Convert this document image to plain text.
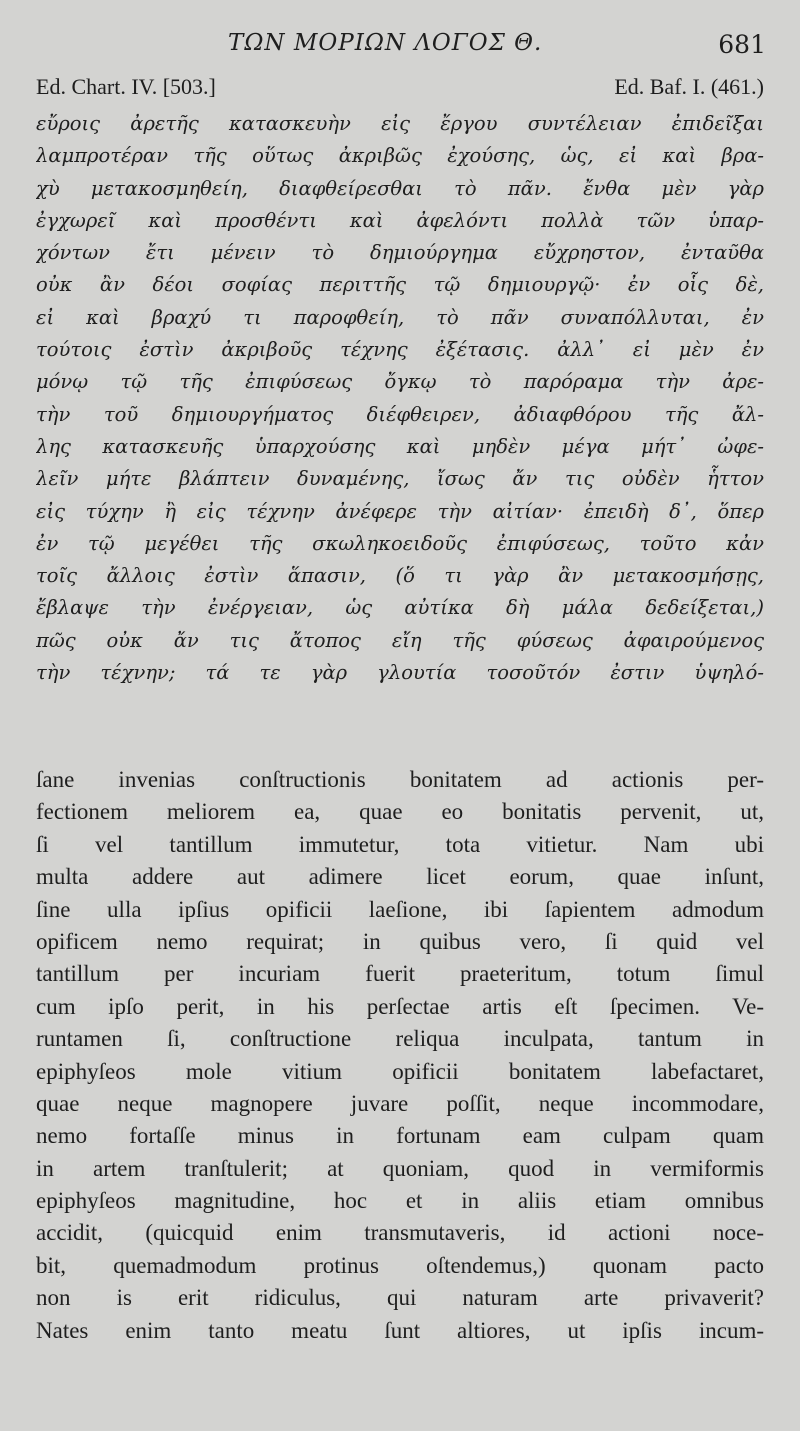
ΤΩΝ ΜΟΡΙΩΝ ΛΟΓΟΣ Θ.	681
Ed. Chart. IV. [503.]	Ed. Baf. I. (461.)
εὔροις ἀρετῆς κατασκευὴν εἰς ἔργου συντέλειαν ἐπιδεῖξαι
λαμπροτέραν τῆς οὕτως ἀκριβῶς ἐχούσης, ὡς, εἰ καὶ βρα-
χὺ μετακοσμηθείη, διαφθείρεσθαι τὸ πᾶν. ἔνθα μὲν γὰρ
ἐγχωρεῖ καὶ προσθέντι καὶ ἀφελόντι πολλὰ τῶν ὑπαρ-
χόντων ἔτι μένειν τὸ δημιούργημα εὔχρηστον, ἐνταῦθα
οὐκ ἂν δέοι σοφίας περιττῆς τῷ δημιουργῷ· ἐν οἷς δὲ,
εἰ καὶ βραχύ τι παροφθείη, τὸ πᾶν συναπόλλυται, ἐν
τούτοις ἐστὶν ἀκριβοῦς τέχνης ἐξέτασις. ἀλλ᾿ εἰ μὲν ἐν
μόνῳ τῷ τῆς ἐπιφύσεως ὄγκῳ τὸ παρόραμα τὴν ἀρε-
τὴν τοῦ δημιουργήματος διέφθειρεν, ἀδιαφθόρου τῆς ἄλ-
λης κατασκευῆς ὑπαρχούσης καὶ μηδὲν μέγα μήτ᾿ ὠφε-
λεῖν μήτε βλάπτειν δυναμένης, ἴσως ἄν τις οὐδὲν ἧττον
εἰς τύχην ἢ εἰς τέχνην ἀνέφερε τὴν αἰτίαν· ἐπειδὴ δ᾿, ὅπερ
ἐν τῷ μεγέθει τῆς σκωληκοειδοῦς ἐπιφύσεως, τοῦτο κἀν
τοῖς ἄλλοις ἐστὶν ἅπασιν, (ὅ τι γὰρ ἂν μετακοσμήσῃς,
ἔβλαψε τὴν ἐνέργειαν, ὡς αὐτίκα δὴ μάλα δεδείξεται,)
πῶς οὐκ ἄν τις ἄτοπος εἴη τῆς φύσεως ἀφαιρούμενος
τὴν τέχνην; τά τε γὰρ γλουτία τοσοῦτόν ἐστιν ὑψηλό-
ſane invenias conſtructionis bonitatem ad actionis per-
fectionem meliorem ea, quae eo bonitatis pervenit, ut,
ſi vel tantillum immutetur, tota vitietur. Nam ubi
multa addere aut adimere licet eorum, quae inſunt,
ſine ulla ipſius opificii laeſione, ibi ſapientem admodum
opificem nemo requirat; in quibus vero, ſi quid vel
tantillum per incuriam fuerit praeteritum, totum ſimul
cum ipſo perit, in his perſectae artis eſt ſpecimen. Ve-
runtamen ſi, conſtructione reliqua inculpata, tantum in
epiphyſeos mole vitium opificii bonitatem labefactaret,
quae neque magnopere juvare poſſit, neque incommodare,
nemo fortaſſe minus in fortunam eam culpam quam
in artem tranſtulerit; at quoniam, quod in vermiformis
epiphyſeos magnitudine, hoc et in aliis etiam omnibus
accidit, (quicquid enim transmutaveris, id actioni noce-
bit, quemadmodum protinus oſtendemus,) quonam pacto
non is erit ridiculus, qui naturam arte privaverit?
Nates enim tanto meatu ſunt altiores, ut ipſis incum-
